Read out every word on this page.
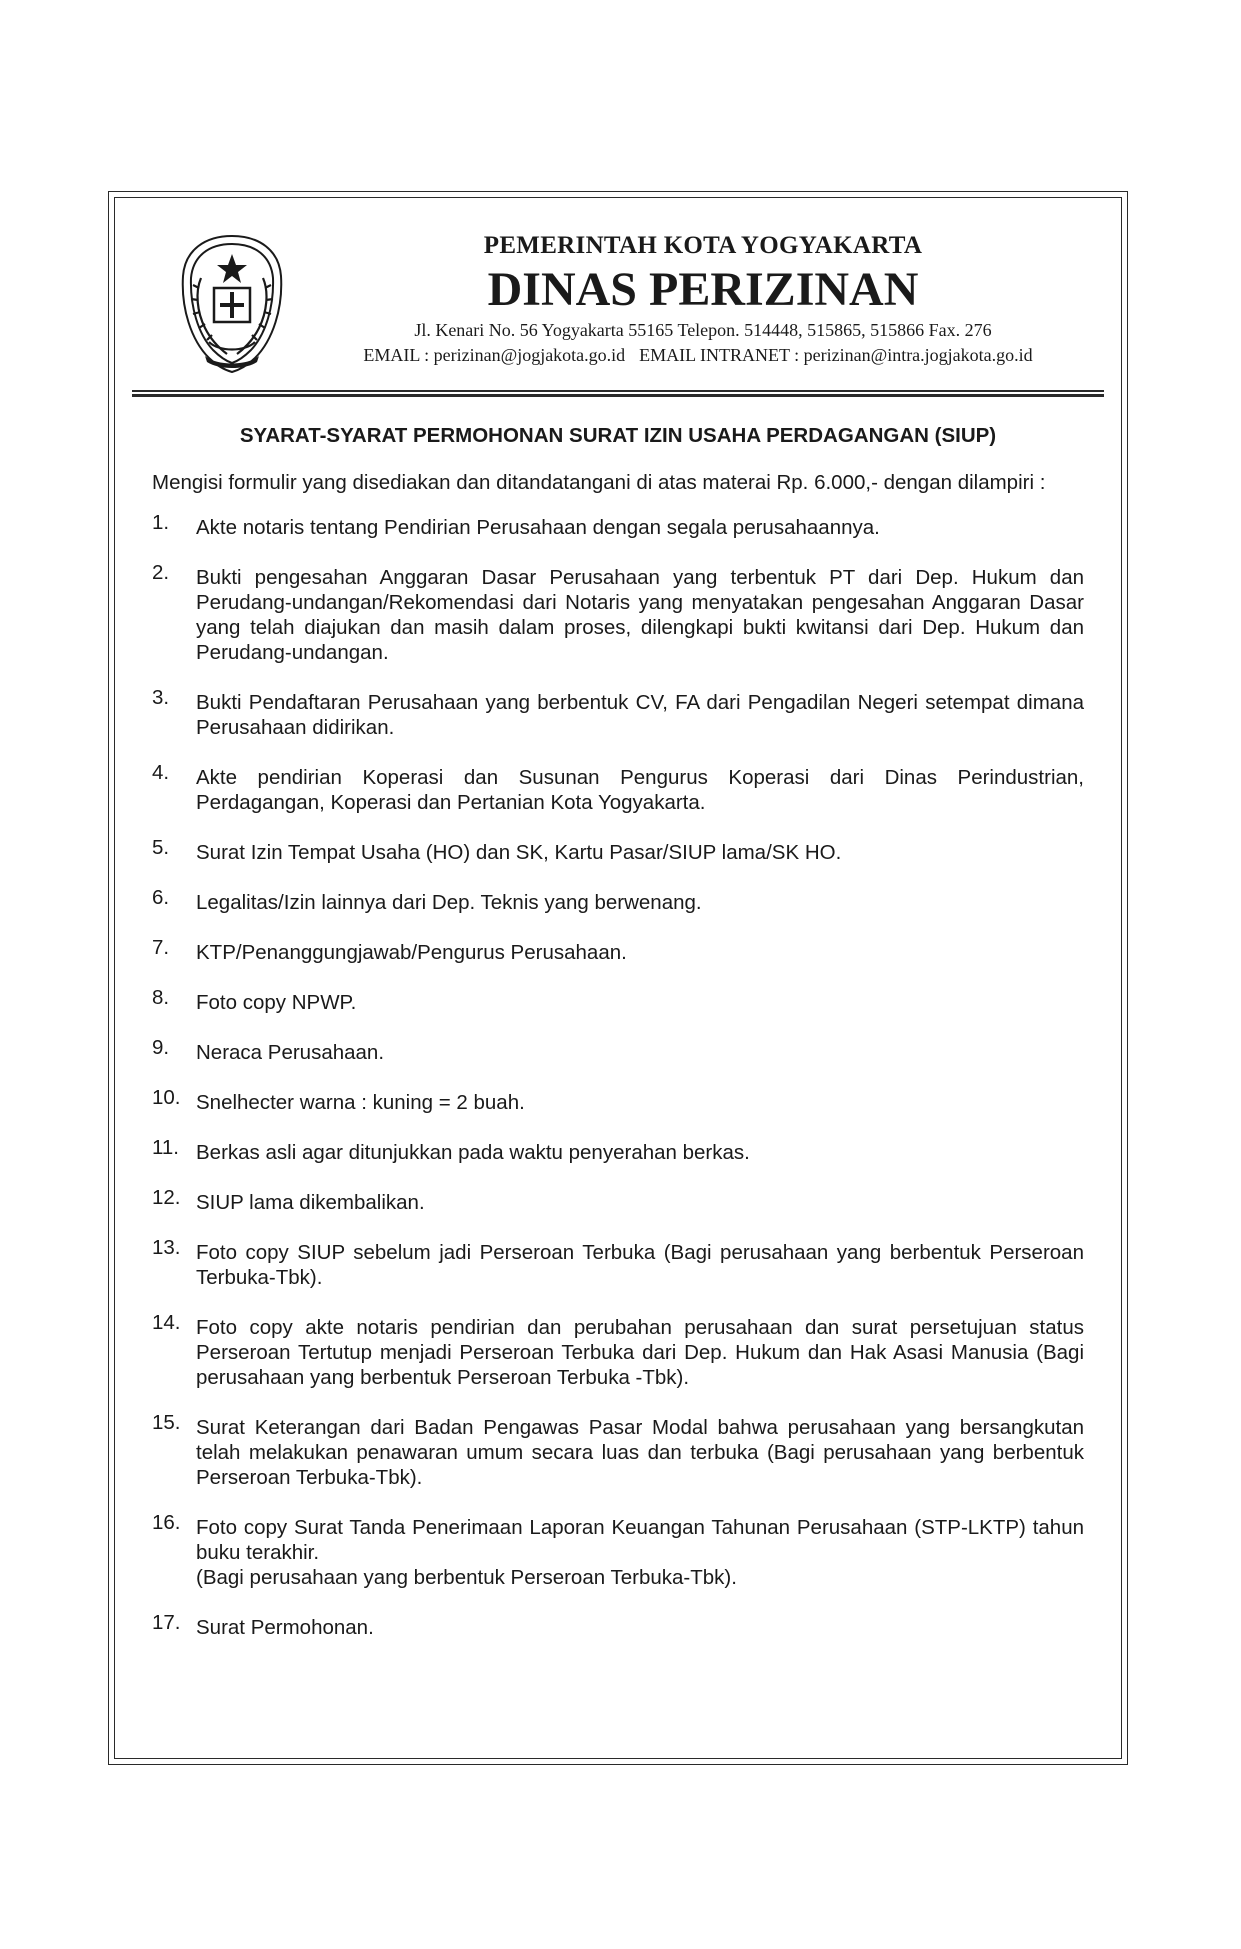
PEMERINTAH KOTA YOGYAKARTA
DINAS PERIZINAN
Jl. Kenari No. 56 Yogyakarta 55165 Telepon. 514448, 515865, 515866 Fax. 276
EMAIL : perizinan@jogjakota.go.id EMAIL INTRANET : perizinan@intra.jogjakota.go.id
SYARAT-SYARAT PERMOHONAN SURAT IZIN USAHA PERDAGANGAN (SIUP)

Mengisi formulir yang disediakan dan ditandatangani di atas materai Rp. 6.000,- dengan dilampiri :

1. Akte notaris tentang Pendirian Perusahaan dengan segala perusahaannya.
2. Bukti pengesahan Anggaran Dasar Perusahaan yang terbentuk PT dari Dep. Hukum dan Perudang-undangan/Rekomendasi dari Notaris yang menyatakan pengesahan Anggaran Dasar yang telah diajukan dan masih dalam proses, dilengkapi bukti kwitansi dari Dep. Hukum dan Perudang-undangan.
3. Bukti Pendaftaran Perusahaan yang berbentuk CV, FA dari Pengadilan Negeri setempat dimana Perusahaan didirikan.
4. Akte pendirian Koperasi dan Susunan Pengurus Koperasi dari Dinas Perindustrian, Perdagangan, Koperasi dan Pertanian Kota Yogyakarta.
5. Surat Izin Tempat Usaha (HO) dan SK, Kartu Pasar/SIUP lama/SK HO.
6. Legalitas/Izin lainnya dari Dep. Teknis yang berwenang.
7. KTP/Penanggungjawab/Pengurus Perusahaan.
8. Foto copy NPWP.
9. Neraca Perusahaan.
10. Snelhecter warna : kuning = 2 buah.
11. Berkas asli agar ditunjukkan pada waktu penyerahan berkas.
12. SIUP lama dikembalikan.
13. Foto copy SIUP sebelum jadi Perseroan Terbuka (Bagi perusahaan yang berbentuk Perseroan Terbuka-Tbk).
14. Foto copy akte notaris pendirian dan perubahan perusahaan dan surat persetujuan status Perseroan Tertutup menjadi Perseroan Terbuka dari Dep. Hukum dan Hak Asasi Manusia (Bagi perusahaan yang berbentuk Perseroan Terbuka -Tbk).
15. Surat Keterangan dari Badan Pengawas Pasar Modal bahwa perusahaan yang bersangkutan telah melakukan penawaran umum secara luas dan terbuka (Bagi perusahaan yang berbentuk Perseroan Terbuka-Tbk).
16. Foto copy Surat Tanda Penerimaan Laporan Keuangan Tahunan Perusahaan (STP-LKTP) tahun buku terakhir.
(Bagi perusahaan yang berbentuk Perseroan Terbuka-Tbk).
17. Surat Permohonan.
